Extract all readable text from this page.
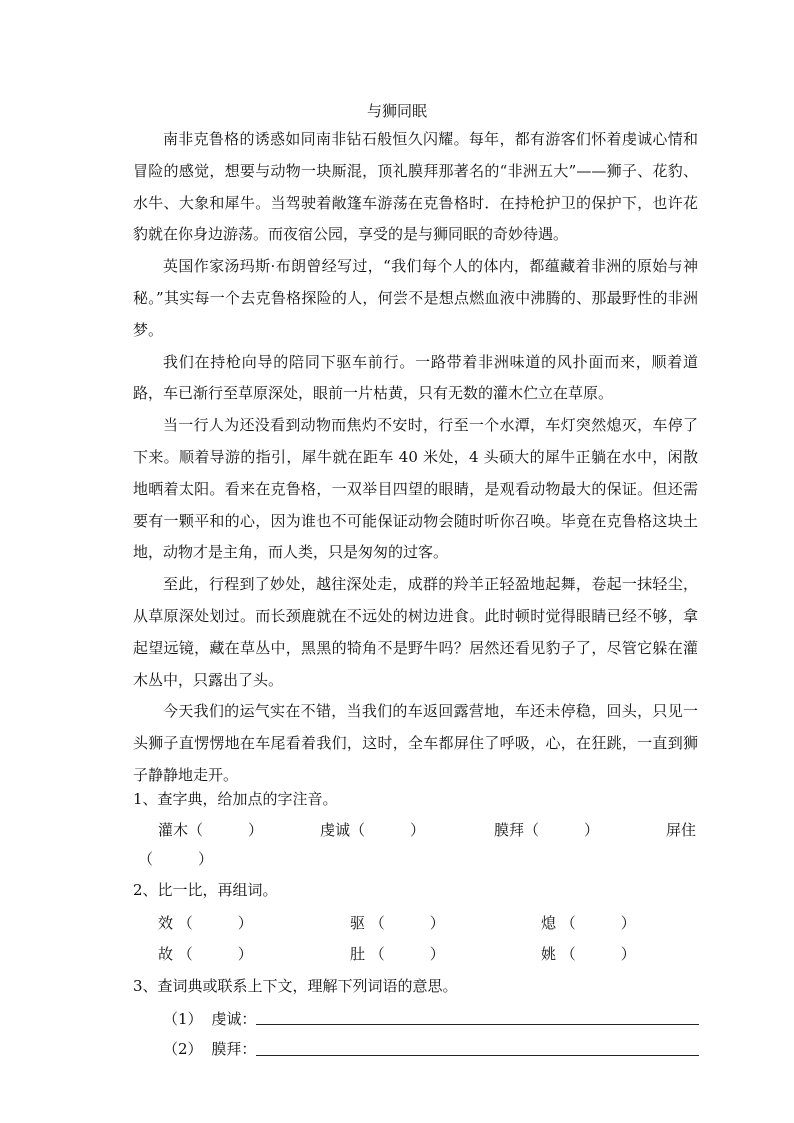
与狮同眠

南非克鲁格的诱惑如同南非钻石般恒久闪耀。每年，都有游客们怀着虔诚心情和冒险的感觉，想要与动物一块厮混，顶礼膜拜那著名的“非洲五大”——狮子、花豹、水牛、大象和犀牛。当驾驶着敞篷车游荡在克鲁格时．在持枪护卫的保护下，也许花豹就在你身边游荡。而夜宿公园，享受的是与狮同眠的奇妙待遇。

英国作家汤玛斯·布朗曾经写过，“我们每个人的体内，都蕴藏着非洲的原始与神秘。”其实每一个去克鲁格探险的人，何尝不是想点燃血液中沸腾的、那最野性的非洲梦。

我们在持枪向导的陪同下驱车前行。一路带着非洲味道的风扑面而来，顺着道路，车已渐行至草原深处，眼前一片枯黄，只有无数的灌木伫立在草原。

当一行人为还没看到动物而焦灼不安时，行至一个水潭，车灯突然熄灭，车停了下来。顺着导游的指引，犀牛就在距车 40 米处，4 头硕大的犀牛正躺在水中，闲散地晒着太阳。看来在克鲁格，一双举目四望的眼睛，是观看动物最大的保证。但还需要有一颗平和的心，因为谁也不可能保证动物会随时听你召唤。毕竟在克鲁格这块土地，动物才是主角，而人类，只是匆匆的过客。

至此，行程到了妙处，越往深处走，成群的羚羊正轻盈地起舞，卷起一抹轻尘，从草原深处划过。而长颈鹿就在不远处的树边进食。此时顿时觉得眼睛已经不够，拿起望远镜，藏在草丛中，黑黑的犄角不是野牛吗？居然还看见豹子了，尽管它躲在灌木丛中，只露出了头。

今天我们的运气实在不错，当我们的车返回露营地，车还未停稳，回头，只见一头狮子直愣愣地在车尾看着我们，这时，全车都屏住了呼吸，心，在狂跳，一直到狮子静静地走开。

1、查字典，给加点的字注音。
灌木（　　　）	虔诚（　　　）	膜拜（　　　）	屏住
（　　　）
2、比一比，再组词。
效 （　　　）	驱 （　　　）	熄 （　　　）
故 （　　　）	肚 （　　　）	姚 （　　　）
3、查词典或联系上下文，理解下列词语的意思。
（1） 虔诚：
（2） 膜拜：
